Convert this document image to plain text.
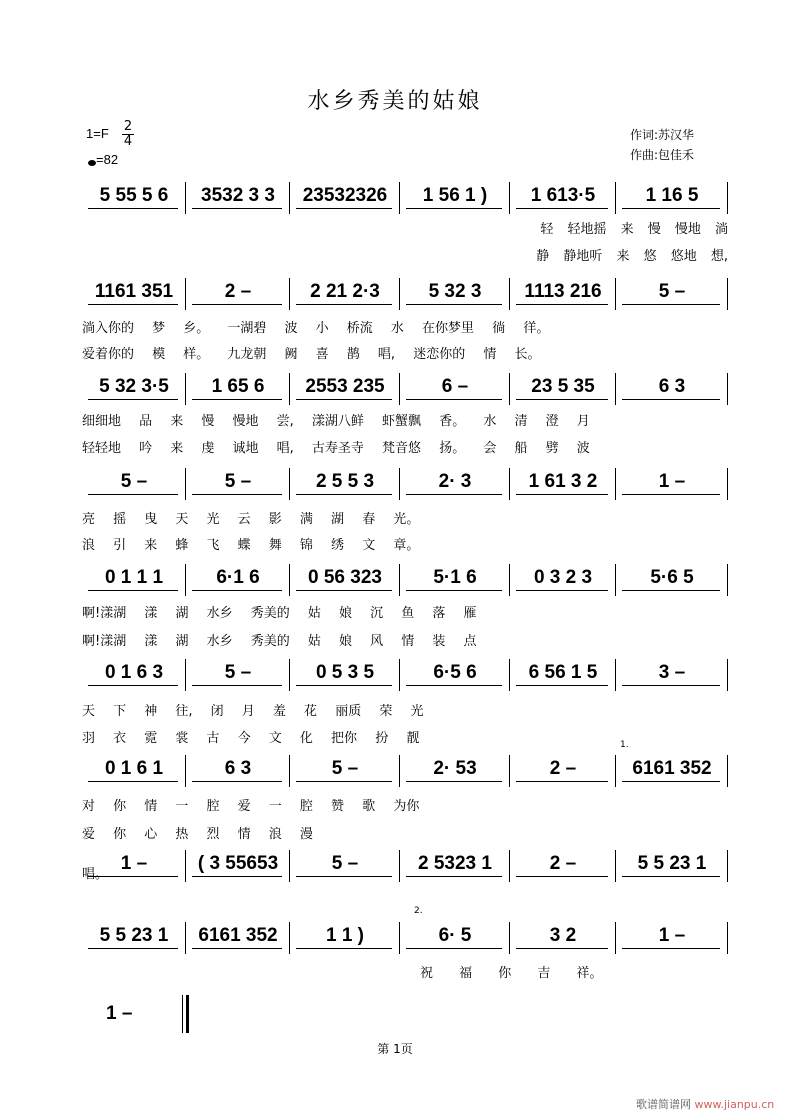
水乡秀美的姑娘
$1=F \frac{2}{4}$
=82
作词:苏汉华
作曲:包佳禾
5 55 5 6	3532 3 3	23532326	1 56 1 )	1 613·5	1 16 5
轻 轻地摇 来 慢 慢地 淌
静 静地听 来 悠 悠地 想,
1161 351	2 –	2 21 2·3	5 32 3	1113 216	5 –
淌入你的 梦 乡。 一湖碧 波 小 桥流 水 在你梦里 徜 徉。
爱着你的 模 样。 九龙朝 阙 喜 鹊 唱, 迷恋你的 情 长。
5 32 3·5	1 65 6	2553 235	6 –	23 5 35	6 3
细细地 品 来 慢 慢地 尝, 漾湖八鲜 虾蟹飘 香。 水 清 澄 月
轻轻地 吟 来 虔 诚地 唱, 古寿圣寺 梵音悠 扬。 会 船 劈 波
5 –	5 –	2 5 5 3	2· 3	1 61 3 2	1 –
亮 摇 曳 天 光 云 影 满 湖 春 光。
浪 引 来 蜂 飞 蝶 舞 锦 绣 文 章。
0 1 1 1	6·1 6	0 56 323	5·1 6	0 3 2 3	5·6 5
啊!漾湖 漾 湖 水乡 秀美的 姑 娘 沉 鱼 落 雁
啊!漾湖 漾 湖 水乡 秀美的 姑 娘 风 情 装 点
0 1 6 3	5 –	0 5 3 5	6·5 6	6 56 1 5	3 –
天 下 神 往, 闭 月 羞 花 丽质 荣 光
羽 衣 霓 裳 古 今 文 化 把你 扮 靓
0 1 6 1	6 3	5 –	2· 53	2 –	6161 352
对 你 情 一 腔 爱 一 腔 赞 歌 为你
爱 你 心 热 烈 情 浪 漫
1 –	( 3 55653	5 –	2 5323 1	2 –	5 5 23 1
唱。
5 5 23 1	6161 352	1 1 )	6· 5	3 2	1 –
祝 福 你 吉 祥。
1.
2.
1 –
第 1页
歌谱简谱网 www.jianpu.cn
